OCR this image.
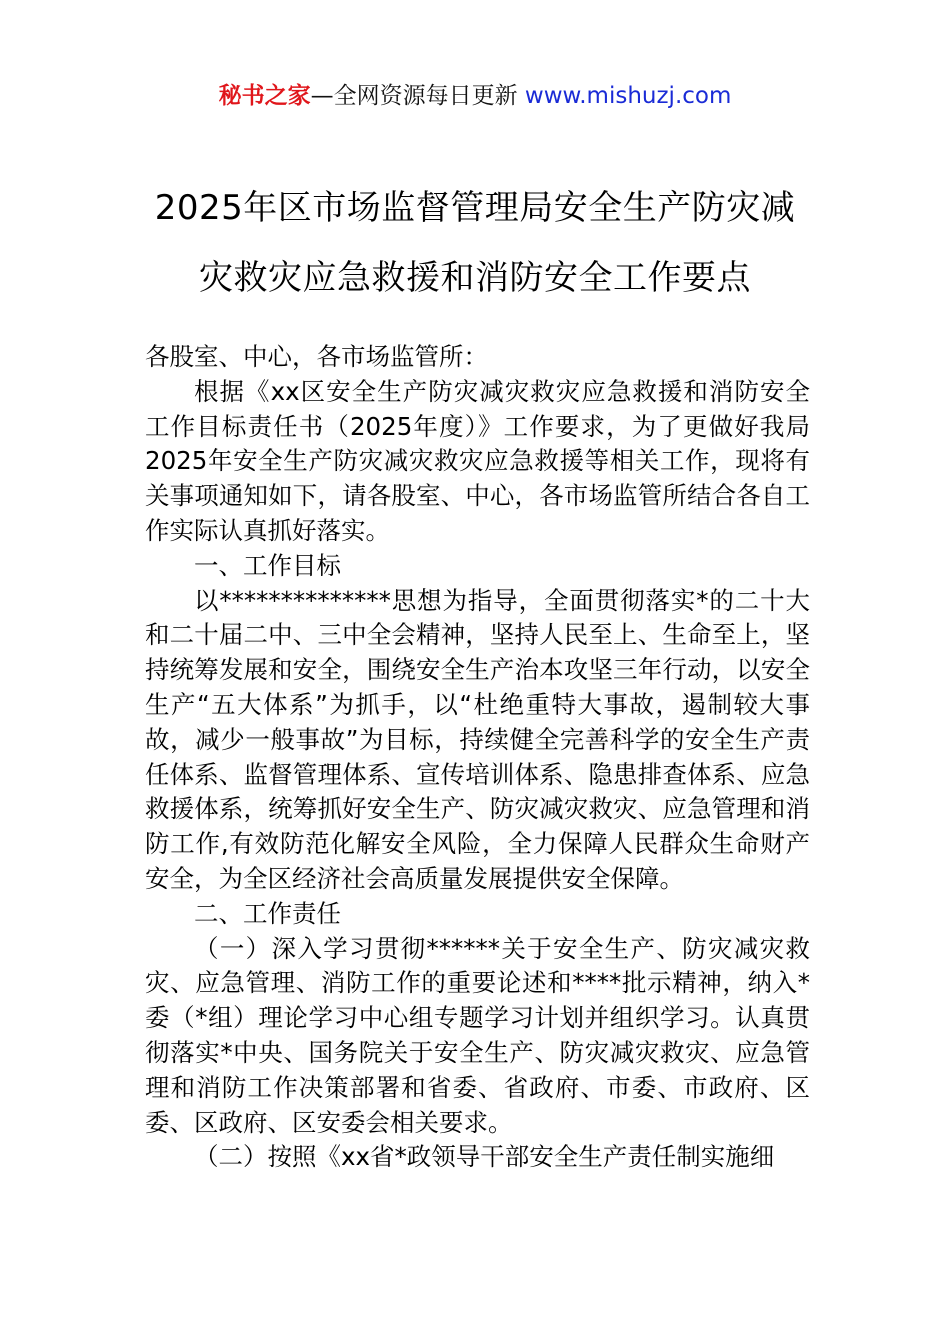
秘书之家—全网资源每日更新 www.mishuzj.com
2025年区市场监督管理局安全生产防灾减
灾救灾应急救援和消防安全工作要点

各股室、中心，各市场监管所：

根据《xx区安全生产防灾减灾救灾应急救援和消防安全工作目标责任书（2025年度）》工作要求，为了更做好我局2025年安全生产防灾减灾救灾应急救援等相关工作，现将有关事项通知如下，请各股室、中心，各市场监管所结合各自工作实际认真抓好落实。

一、工作目标

以**************思想为指导，全面贯彻落实*的二十大和二十届二中、三中全会精神，坚持人民至上、生命至上，坚持统筹发展和安全，围绕安全生产治本攻坚三年行动，以安全生产“五大体系”为抓手，以“杜绝重特大事故，遏制较大事故，减少一般事故”为目标，持续健全完善科学的安全生产责任体系、监督管理体系、宣传培训体系、隐患排查体系、应急救援体系，统筹抓好安全生产、防灾减灾救灾、应急管理和消防工作,有效防范化解安全风险，全力保障人民群众生命财产安全，为全区经济社会高质量发展提供安全保障。

二、工作责任

（一）深入学习贯彻******关于安全生产、防灾减灾救灾、应急管理、消防工作的重要论述和****批示精神，纳入*委（*组）理论学习中心组专题学习计划并组织学习。认真贯彻落实*中央、国务院关于安全生产、防灾减灾救灾、应急管理和消防工作决策部署和省委、省政府、市委、市政府、区委、区政府、区安委会相关要求。

（二）按照《xx省*政领导干部安全生产责任制实施细
